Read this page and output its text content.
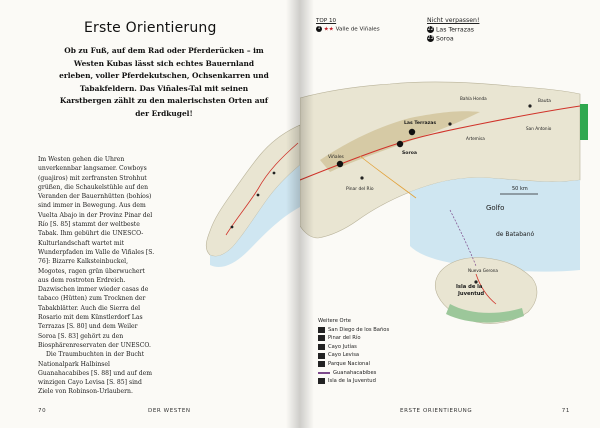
Erste Orientierung
Ob zu Fuß, auf dem Rad oder Pferderücken – im Westen Kubas lässt sich echtes Bauernland erleben, voller Pferdekutschen, Ochsenkarren und Tabakfeldern. Das Viñales-Tal mit seinen Karstbergen zählt zu den malerischsten Orten auf der Erdkugel!

Im Westen gehen die Uhren unverkennbar langsamer. Cowboys (guajiros) mit zerfransten Strohhut grüßen, die Schaukelstühle auf den Veranden der Bauernhütten (bohíos) sind immer in Bewegung. Aus dem Vuelta Abajo in der Provinz Pinar del Río [S. 85] stammt der weltbeste Tabak. Ihm gebührt die UNESCO-Kulturlandschaft wartet mit Wunderpfaden im Valle de Viñales [S. 76]: Bizarre Kalksteinbuckel, Mogotes, ragen grün überwuchert aus dem rostroten Erdreich. Dazwischen immer wieder casas de tabaco (Hütten) zum Trocknen der Tabakblätter. Auch die Sierra del Rosario mit dem Künstlerdorf Las Terrazas [S. 80] und dem Weiler Soroa [S. 83] gehört zu den Biosphärenreservaten der UNESCO.

Die Traumbuchten in der Bucht Nationalpark Halbinsel Guanahacabibes [S. 88] und auf dem winzigen Cayo Levisa [S. 85] sind Ziele von Robinson-Urlaubern.

70	DER WESTEN
TOP 10
1 ★★ Valle de Viñales
Nicht verpassen!
22 Las Terrazas
23 Soroa
50 km
Golfo
de Batabanó
Isla de la
Juventud
Bahía Honda
Las Terrazas
Soroa
Pinar del Río
Viñales
Nueva Gerona
Bauta
San Antonio
Artemisa
Weitere Orte
San Diego de los Baños
Pinar del Río
Cayo Jutías
Cayo Levisa
Parque Nacional
Guanahacabibes
Isla de la Juventud
ERSTE ORIENTIERUNG	71
